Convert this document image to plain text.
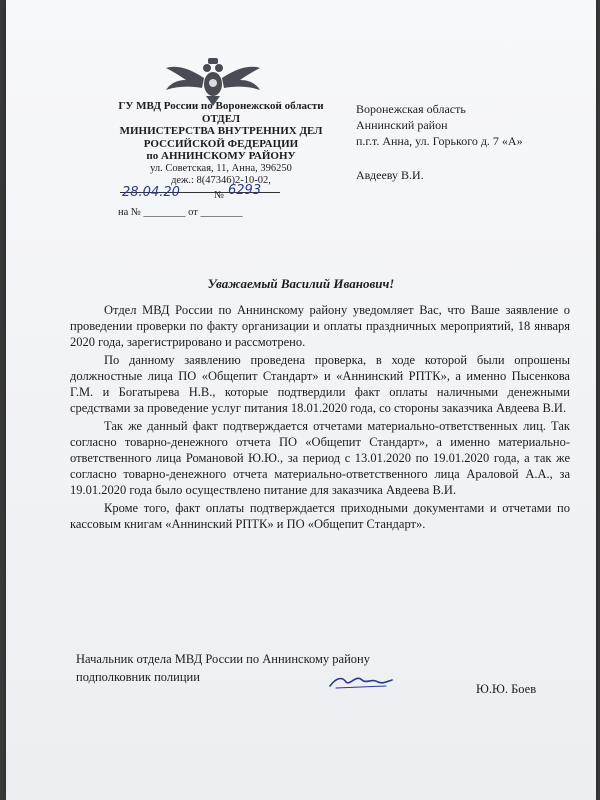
ГУ МВД России по Воронежской области
ОТДЕЛ
МИНИСТЕРСТВА ВНУТРЕННИХ ДЕЛ
РОССИЙСКОЙ ФЕДЕРАЦИИ
по АННИНСКОМУ РАЙОНУ
ул. Советская, 11, Анна, 396250
деж.: 8(47346)2-10-02,
28.04.20	№ 6293
на № ________ от ________
Воронежская область
Аннинский район
п.г.т. Анна, ул. Горького д. 7 «А»
Авдееву В.И.
Уважаемый Василий Иванович!

Отдел МВД России по Аннинскому району уведомляет Вас, что Ваше заявление о проведении проверки по факту организации и оплаты праздничных мероприятий, 18 января 2020 года, зарегистрировано и рассмотрено.

По данному заявлению проведена проверка, в ходе которой были опрошены должностные лица ПО «Общепит Стандарт» и «Аннинский РПТК», а именно Пысенкова Г.М. и Богатырева Н.В., которые подтвердили факт оплаты наличными денежными средствами за проведение услуг питания 18.01.2020 года, со стороны заказчика Авдеева В.И.

Так же данный факт подтверждается отчетами материально-ответственных лиц. Так согласно товарно-денежного отчета ПО «Общепит Стандарт», а именно материально-ответственного лица Романовой Ю.Ю., за период с 13.01.2020 по 19.01.2020 года, а так же согласно товарно-денежного отчета материально-ответственного лица Араловой А.А., за 19.01.2020 года было осуществлено питание для заказчика Авдеева В.И.

Кроме того, факт оплаты подтверждается приходными документами и отчетами по кассовым книгам «Аннинский РПТК» и ПО «Общепит Стандарт».

Начальник отдела МВД России по Аннинскому району
подполковник полиции
Ю.Ю. Боев
